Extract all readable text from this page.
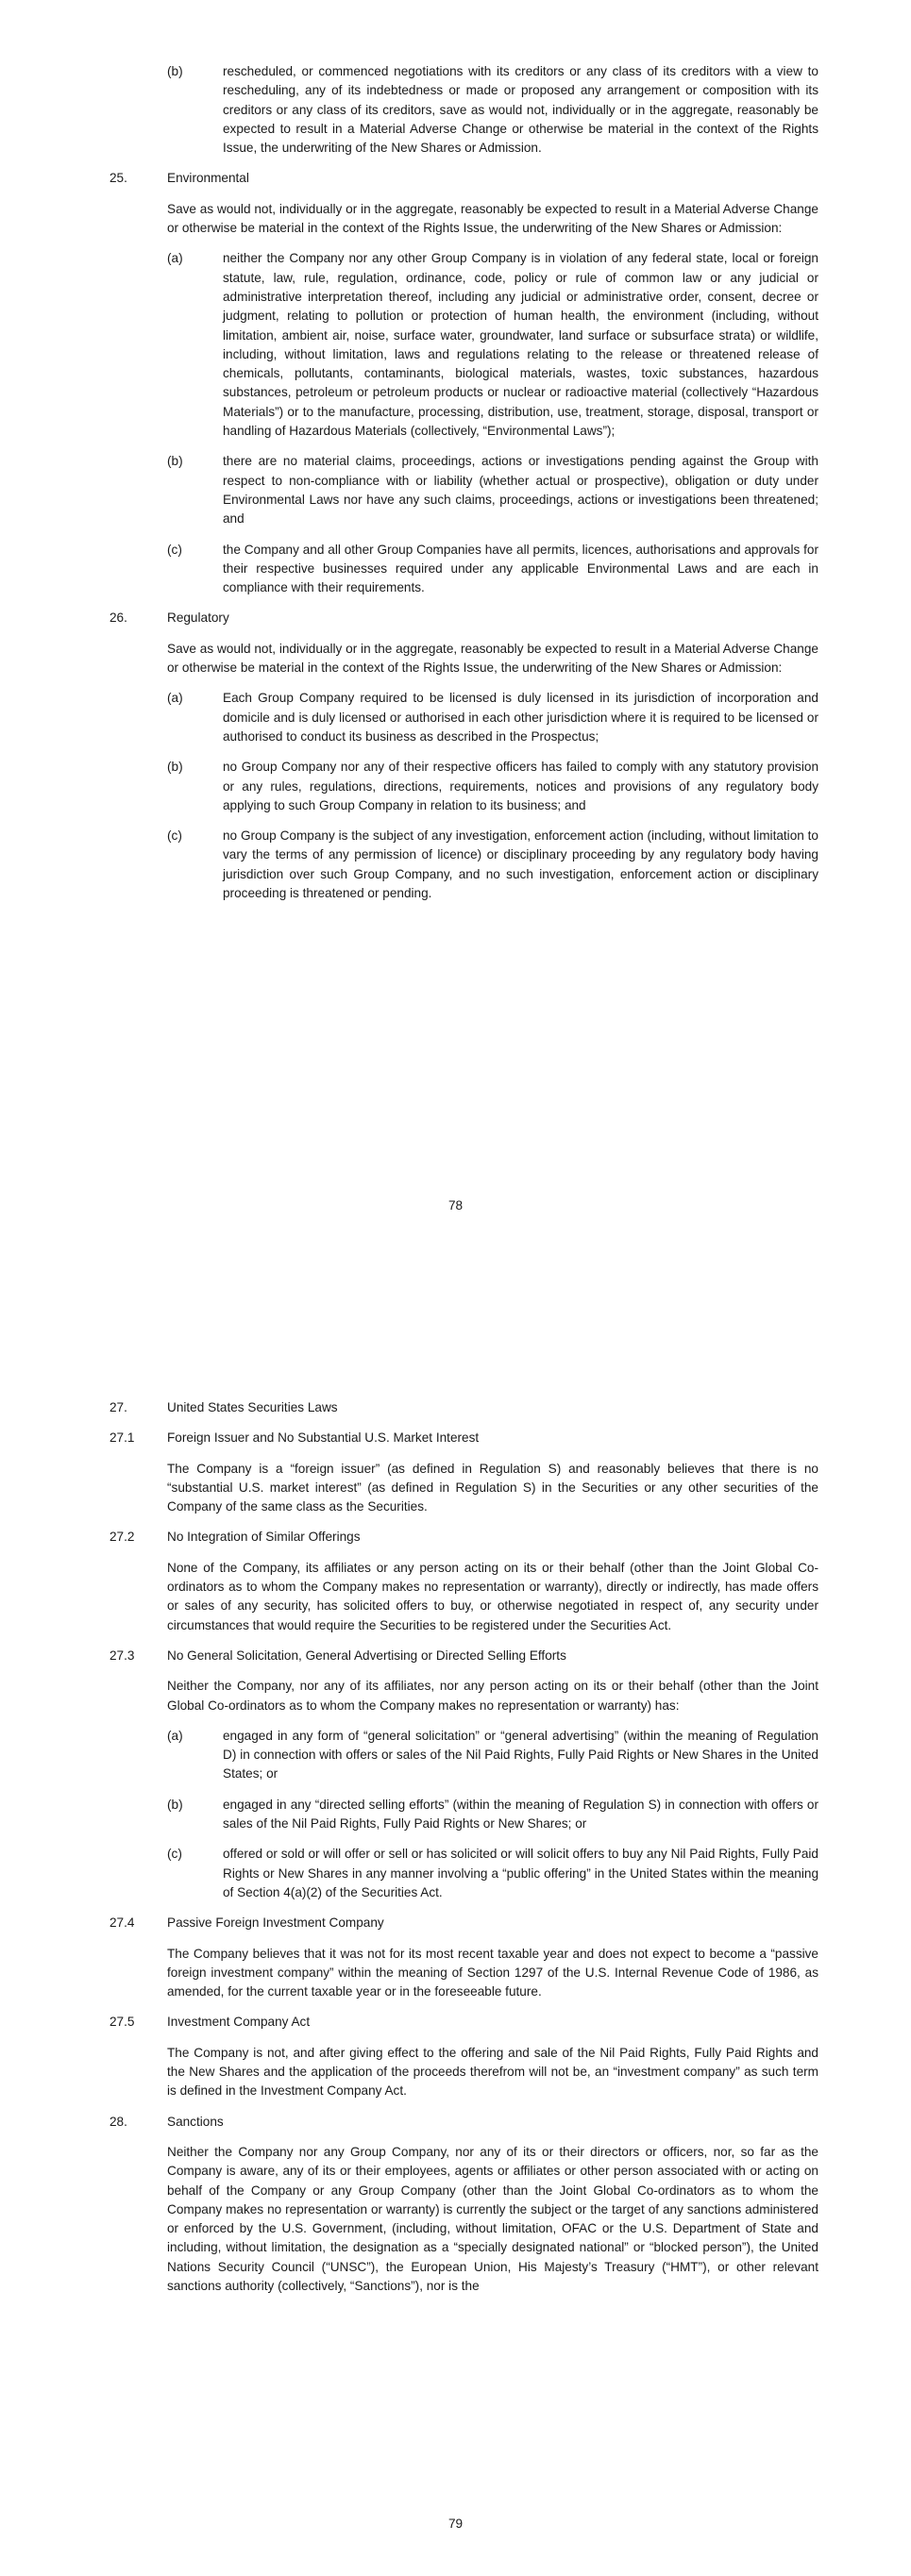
(b)	rescheduled, or commenced negotiations with its creditors or any class of its creditors with a view to rescheduling, any of its indebtedness or made or proposed any arrangement or composition with its creditors or any class of its creditors, save as would not, individually or in the aggregate, reasonably be expected to result in a Material Adverse Change or otherwise be material in the context of the Rights Issue, the underwriting of the New Shares or Admission.
25.	Environmental
Save as would not, individually or in the aggregate, reasonably be expected to result in a Material Adverse Change or otherwise be material in the context of the Rights Issue, the underwriting of the New Shares or Admission:
(a)	neither the Company nor any other Group Company is in violation of any federal state, local or foreign statute, law, rule, regulation, ordinance, code, policy or rule of common law or any judicial or administrative interpretation thereof, including any judicial or administrative order, consent, decree or judgment, relating to pollution or protection of human health, the environment (including, without limitation, ambient air, noise, surface water, groundwater, land surface or subsurface strata) or wildlife, including, without limitation, laws and regulations relating to the release or threatened release of chemicals, pollutants, contaminants, biological materials, wastes, toxic substances, hazardous substances, petroleum or petroleum products or nuclear or radioactive material (collectively “Hazardous Materials”) or to the manufacture, processing, distribution, use, treatment, storage, disposal, transport or handling of Hazardous Materials (collectively, “Environmental Laws”);
(b)	there are no material claims, proceedings, actions or investigations pending against the Group with respect to non-compliance with or liability (whether actual or prospective), obligation or duty under Environmental Laws nor have any such claims, proceedings, actions or investigations been threatened; and
(c)	the Company and all other Group Companies have all permits, licences, authorisations and approvals for their respective businesses required under any applicable Environmental Laws and are each in compliance with their requirements.
26.	Regulatory
Save as would not, individually or in the aggregate, reasonably be expected to result in a Material Adverse Change or otherwise be material in the context of the Rights Issue, the underwriting of the New Shares or Admission:
(a)	Each Group Company required to be licensed is duly licensed in its jurisdiction of incorporation and domicile and is duly licensed or authorised in each other jurisdiction where it is required to be licensed or authorised to conduct its business as described in the Prospectus;
(b)	no Group Company nor any of their respective officers has failed to comply with any statutory provision or any rules, regulations, directions, requirements, notices and provisions of any regulatory body applying to such Group Company in relation to its business; and
(c)	no Group Company is the subject of any investigation, enforcement action (including, without limitation to vary the terms of any permission of licence) or disciplinary proceeding by any regulatory body having jurisdiction over such Group Company, and no such investigation, enforcement action or disciplinary proceeding is threatened or pending.
78
27.	United States Securities Laws
27.1	Foreign Issuer and No Substantial U.S. Market Interest
The Company is a “foreign issuer” (as defined in Regulation S) and reasonably believes that there is no “substantial U.S. market interest” (as defined in Regulation S) in the Securities or any other securities of the Company of the same class as the Securities.
27.2	No Integration of Similar Offerings
None of the Company, its affiliates or any person acting on its or their behalf (other than the Joint Global Co-ordinators as to whom the Company makes no representation or warranty), directly or indirectly, has made offers or sales of any security, has solicited offers to buy, or otherwise negotiated in respect of, any security under circumstances that would require the Securities to be registered under the Securities Act.
27.3	No General Solicitation, General Advertising or Directed Selling Efforts
Neither the Company, nor any of its affiliates, nor any person acting on its or their behalf (other than the Joint Global Co-ordinators as to whom the Company makes no representation or warranty) has:
(a)	engaged in any form of “general solicitation” or “general advertising” (within the meaning of Regulation D) in connection with offers or sales of the Nil Paid Rights, Fully Paid Rights or New Shares in the United States; or
(b)	engaged in any “directed selling efforts” (within the meaning of Regulation S) in connection with offers or sales of the Nil Paid Rights, Fully Paid Rights or New Shares; or
(c)	offered or sold or will offer or sell or has solicited or will solicit offers to buy any Nil Paid Rights, Fully Paid Rights or New Shares in any manner involving a “public offering” in the United States within the meaning of Section 4(a)(2) of the Securities Act.
27.4	Passive Foreign Investment Company
The Company believes that it was not for its most recent taxable year and does not expect to become a “passive foreign investment company” within the meaning of Section 1297 of the U.S. Internal Revenue Code of 1986, as amended, for the current taxable year or in the foreseeable future.
27.5	Investment Company Act
The Company is not, and after giving effect to the offering and sale of the Nil Paid Rights, Fully Paid Rights and the New Shares and the application of the proceeds therefrom will not be, an “investment company” as such term is defined in the Investment Company Act.
28.	Sanctions
Neither the Company nor any Group Company, nor any of its or their directors or officers, nor, so far as the Company is aware, any of its or their employees, agents or affiliates or other person associated with or acting on behalf of the Company or any Group Company (other than the Joint Global Co-ordinators as to whom the Company makes no representation or warranty) is currently the subject or the target of any sanctions administered or enforced by the U.S. Government, (including, without limitation, OFAC or the U.S. Department of State and including, without limitation, the designation as a “specially designated national” or “blocked person”), the United Nations Security Council (“UNSC”), the European Union, His Majesty’s Treasury (“HMT”), or other relevant sanctions authority (collectively, “Sanctions”), nor is the
79
